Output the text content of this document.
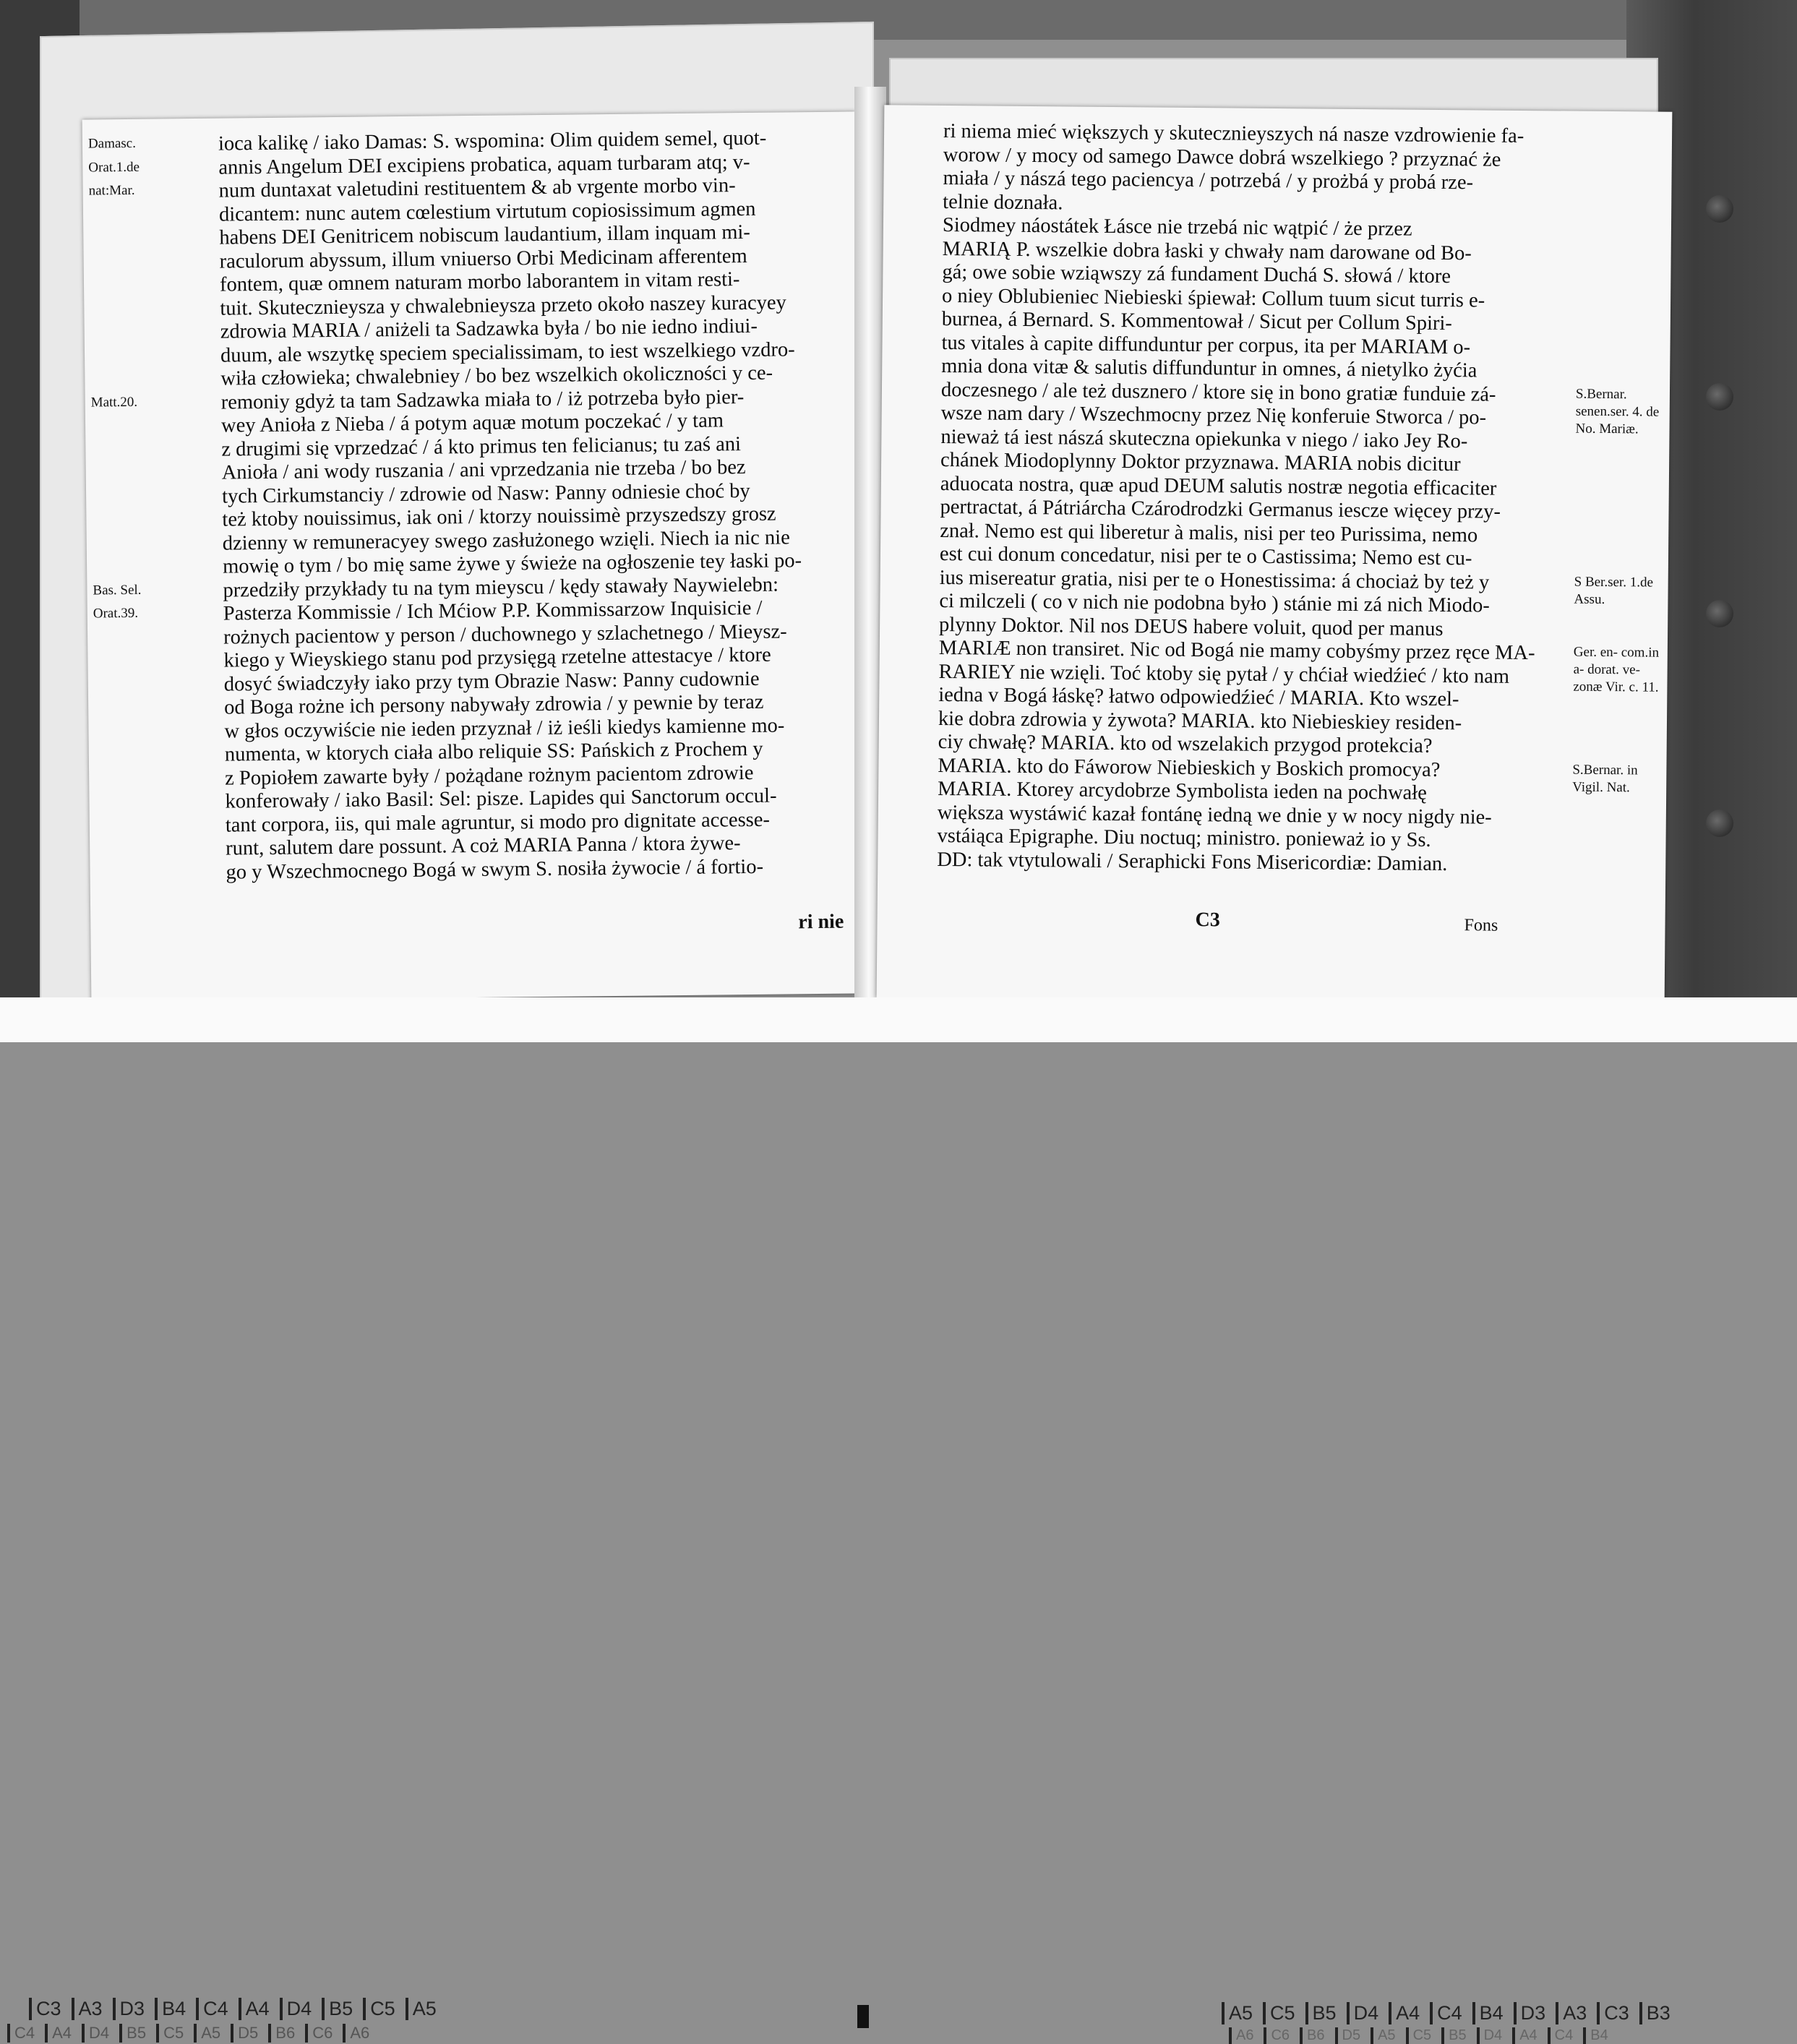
Damasc.
Orat.1.de
nat:Mar.
Matt.20.
Bas. Sel.
Orat.39.
ioca kalikę / iako Damas: S. wspomina: Olim quidem semel, quot-
annis Angelum DEI excipiens probatica, aquam turbaram atq; v-
num duntaxat valetudini restituentem & ab vrgente morbo vin-
dicantem: nunc autem cœlestium virtutum copiosissimum agmen
habens DEI Genitricem nobiscum laudantium, illam inquam mi-
raculorum abyssum, illum vniuerso Orbi Medicinam afferentem
fontem, quæ omnem naturam morbo laborantem in vitam resti-
tuit. Skutecznieysza y chwalebnieysza przeto około naszey kuracyey
zdrowia MARIA / aniżeli ta Sadzawka była / bo nie iedno indiui-
duum, ale wszytkę speciem specialissimam, to iest wszelkiego vzdro-
wiła człowieka; chwalebniey / bo bez wszelkich okoliczności y ce-
remoniy gdyż ta tam Sadzawka miała to / iż potrzeba było pier-
wey Anioła z Nieba / á potym aquæ motum poczekać / y tam
z drugimi się vprzedzać / á kto primus ten felicianus; tu zaś ani
Anioła / ani wody ruszania / ani vprzedzania nie trzeba / bo bez
tych Cirkumstanciy / zdrowie od Nasw: Panny odniesie choć by
też ktoby nouissimus, iak oni / ktorzy nouissimè przyszedszy grosz
dzienny w remuneracyey swego zasłużonego wzięli. Niech ia nic nie
mowię o tym / bo mię same żywe y świeże na ogłoszenie tey łaski po-
przedziły przykłady tu na tym mieyscu / kędy stawały Naywielebn:
Pasterza Kommissie / Ich Mćiow P.P. Kommissarzow Inquisicie /
rożnych pacientow y person / duchownego y szlachetnego / Mieysz-
kiego y Wieyskiego stanu pod przysięgą rzetelne attestacye / ktore
dosyć świadczyły iako przy tym Obrazie Nasw: Panny cudownie
od Boga rożne ich persony nabywały zdrowia / y pewnie by teraz
w głos oczywiście nie ieden przyznał / iż ieśli kiedys kamienne mo-
numenta, w ktorych ciała albo reliquie SS: Pańskich z Prochem y
z Popiołem zawarte były / pożądane rożnym pacientom zdrowie
konferowały / iako Basil: Sel: pisze. Lapides qui Sanctorum occul-
tant corpora, iis, qui male agruntur, si modo pro dignitate accesse-
runt, salutem dare possunt. A coż MARIA Panna / ktora żywe-
go y Wszechmocnego Bogá w swym S. nosiła żywocie / á fortio-
ri nie
S.Bernar. senen.ser. 4. de No. Mariæ.
S Ber.ser. 1.de Assu.
Ger. en- com.in a- dorat. ve- zonæ Vir. c. 11.
S.Bernar. in Vigil. Nat.
ri niema mieć większych y skutecznieyszych ná nasze vzdrowienie fa-
worow / y mocy od samego Dawce dobrá wszelkiego ? przyznać że
miała / y nászá tego paciencya / potrzebá / y prożbá y probá rze-
telnie doznała.
Siodmey náostátek Łásce nie trzebá nic wątpić / że przez
MARIĄ P. wszelkie dobra łaski y chwały nam darowane od Bo-
gá; owe sobie wziąwszy zá fundament Duchá S. słowá / ktore
o niey Oblubieniec Niebieski śpiewał: Collum tuum sicut turris e-
burnea, á Bernard. S. Kommentował / Sicut per Collum Spiri-
tus vitales à capite diffunduntur per corpus, ita per MARIAM o-
mnia dona vitæ & salutis diffunduntur in omnes, á nietylko żyćia
doczesnego / ale też duszneго / ktore się in bono gratiæ funduie zá-
wsze nam dary / Wszechmocny przez Nię konferuie Stworca / po-
nieważ tá iest nászá skuteczna opiekunka v niego / iako Jey Ro-
chánek Miodoplynny Doktor przyznawa. MARIA nobis dicitur
aduocata nostra, quæ apud DEUM salutis nostræ negotia efficaciter
pertractat, á Pátriárcha Czárodrodzki Germanus iescze więcey przy-
znał. Nemo est qui liberetur à malis, nisi per teo Purissima, nemo
est cui donum concedatur, nisi per te o Castissima; Nemo est cu-
ius misereatur gratia, nisi per te o Honestissima: á chociaż by też y
ci milczeli ( co v nich nie podobna było ) stánie mi zá nich Miodo-
plynny Doktor. Nil nos DEUS habere voluit, quod per manus
MARIÆ non transiret. Nic od Bogá nie mamy cobyśmy przez ręce MA-
RARIEY nie wzięli. Toć ktoby się pytał / y chćiał wiedźieć / kto nam
iedna v Bogá łáskę? łatwo odpowiedźieć / MARIA. Kto wszel-
kie dobra zdrowia y żywota? MARIA. kto Niebieskiey residen-
ciy chwałę? MARIA. kto od wszelakich przygod protekcia?
MARIA. kto do Fáworow Niebieskich y Boskich promocya?
MARIA. Ktorey arcydobrze Symbolista ieden na pochwałę
większa wystáwić kazał fontánę iedną we dnie y w nocy nigdy nie-
vstáiąca Epigraphe. Diu noctuq; ministro. ponieważ io y Ss.
DD: tak vtytulowali / Seraphicki Fons Misericordiæ: Damian.
C3	Fons
C3 A3 D3 B4 C4 A4 D4 B5 C5 A5
C4 A4 D4 B5 C5 A5 D5 B6 C6 A6
A5 C5 B5 D4 A4 C4 B4 D3 A3 C3 B3
A6 C6 B6 D5 A5 C5 B5 D4 A4 C4 B4
